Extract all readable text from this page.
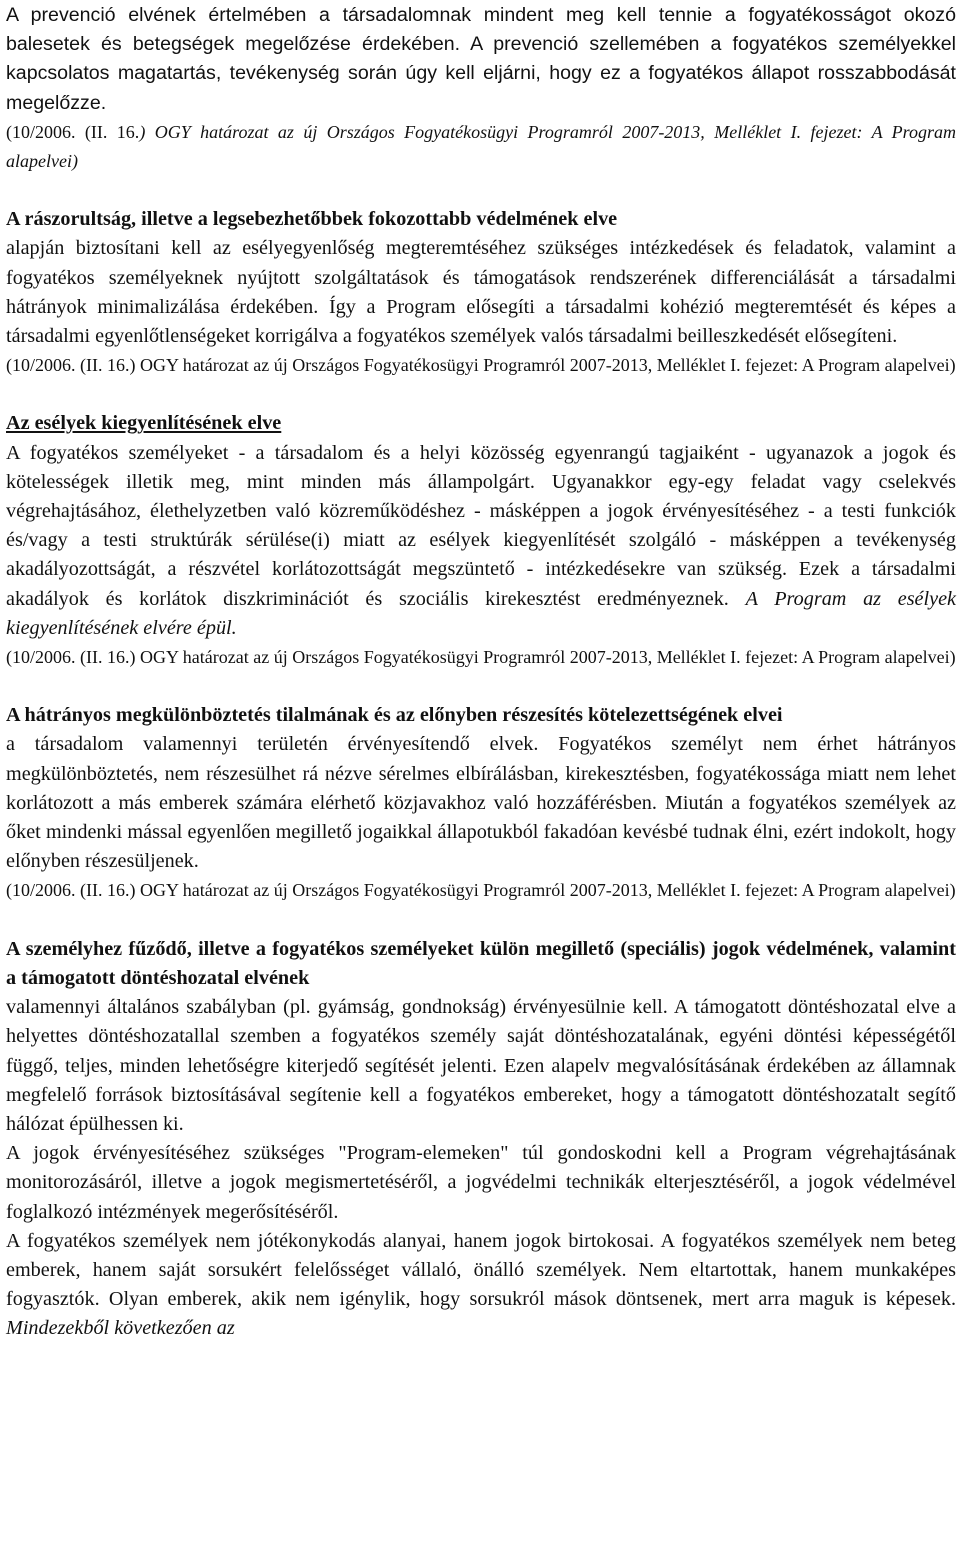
A prevenció elvének értelmében a társadalomnak mindent meg kell tennie a fogyatékosságot okozó balesetek és betegségek megelőzése érdekében. A prevenció szellemében a fogyatékos személyekkel kapcsolatos magatartás, tevékenység során úgy kell eljárni, hogy ez a fogyatékos állapot rosszabbodását megelőzze.

(10/2006. (II. 16.) OGY határozat az új Országos Fogyatékosügyi Programról 2007-2013, Melléklet I. fejezet: A Program alapelvei)

A rászorultság, illetve a legsebezhetőbbek fokozottabb védelmének elve

alapján biztosítani kell az esélyegyenlőség megteremtéséhez szükséges intézkedések és feladatok, valamint a fogyatékos személyeknek nyújtott szolgáltatások és támogatások rendszerének differenciálását a társadalmi hátrányok minimalizálása érdekében. Így a Program elősegíti a társadalmi kohézió megteremtését és képes a társadalmi egyenlőtlenségeket korrigálva a fogyatékos személyek valós társadalmi beilleszkedését elősegíteni.

(10/2006. (II. 16.) OGY határozat az új Országos Fogyatékosügyi Programról 2007-2013, Melléklet I. fejezet: A Program alapelvei)

Az esélyek kiegyenlítésének elve

A fogyatékos személyeket - a társadalom és a helyi közösség egyenrangú tagjaiként - ugyanazok a jogok és kötelességek illetik meg, mint minden más állampolgárt. Ugyanakkor egy-egy feladat vagy cselekvés végrehajtásához, élethelyzetben való közreműködéshez - másképpen a jogok érvényesítéséhez - a testi funkciók és/vagy a testi struktúrák sérülése(i) miatt az esélyek kiegyenlítését szolgáló - másképpen a tevékenység akadályozottságát, a részvétel korlátozottságát megszüntető - intézkedésekre van szükség. Ezek a társadalmi akadályok és korlátok diszkriminációt és szociális kirekesztést eredményeznek. A Program az esélyek kiegyenlítésének elvére épül.

(10/2006. (II. 16.) OGY határozat az új Országos Fogyatékosügyi Programról 2007-2013, Melléklet I. fejezet: A Program alapelvei)

A hátrányos megkülönböztetés tilalmának és az előnyben részesítés kötelezettségének elvei

a társadalom valamennyi területén érvényesítendő elvek. Fogyatékos személyt nem érhet hátrányos megkülönböztetés, nem részesülhet rá nézve sérelmes elbírálásban, kirekesztésben, fogyatékossága miatt nem lehet korlátozott a más emberek számára elérhető közjavakhoz való hozzáférésben. Miután a fogyatékos személyek az őket mindenki mással egyenlően megillető jogaikkal állapotukból fakadóan kevésbé tudnak élni, ezért indokolt, hogy előnyben részesüljenek.

(10/2006. (II. 16.) OGY határozat az új Országos Fogyatékosügyi Programról 2007-2013, Melléklet I. fejezet: A Program alapelvei)

A személyhez fűződő, illetve a fogyatékos személyeket külön megillető (speciális) jogok védelmének, valamint a támogatott döntéshozatal elvének

valamennyi általános szabályban (pl. gyámság, gondnokság) érvényesülnie kell. A támogatott döntéshozatal elve a helyettes döntéshozatallal szemben a fogyatékos személy saját döntéshozatalának, egyéni döntési képességétől függő, teljes, minden lehetőségre kiterjedő segítését jelenti. Ezen alapelv megvalósításának érdekében az államnak megfelelő források biztosításával segítenie kell a fogyatékos embereket, hogy a támogatott döntéshozatalt segítő hálózat épülhessen ki.

A jogok érvényesítéséhez szükséges "Program-elemeken" túl gondoskodni kell a Program végrehajtásának monitorozásáról, illetve a jogok megismertetéséről, a jogvédelmi technikák elterjesztéséről, a jogok védelmével foglalkozó intézmények megerősítéséről.

A fogyatékos személyek nem jótékonykodás alanyai, hanem jogok birtokosai. A fogyatékos személyek nem beteg emberek, hanem saját sorsukért felelősséget vállaló, önálló személyek. Nem eltartottak, hanem munkaképes fogyasztók. Olyan emberek, akik nem igénylik, hogy sorsukról mások döntsenek, mert arra maguk is képesek. Mindezekből következően az
